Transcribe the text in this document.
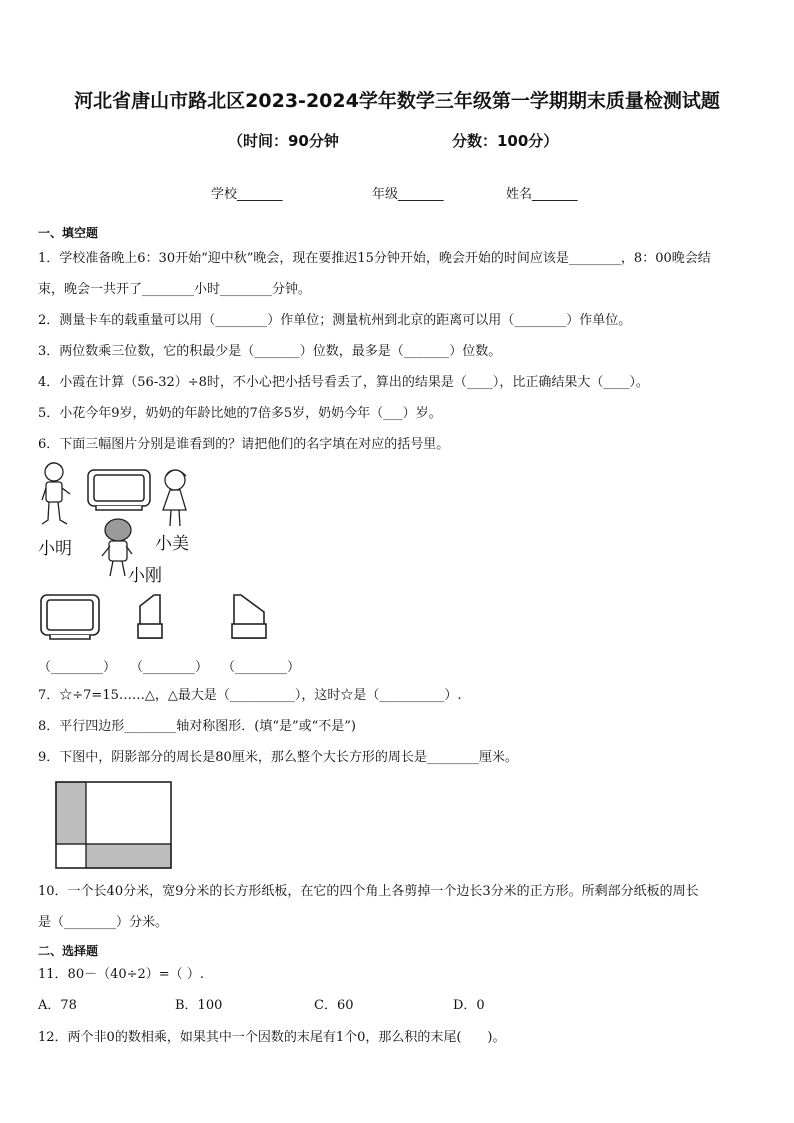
河北省唐山市路北区2023-2024学年数学三年级第一学期期末质量检测试题
（时间：90分钟	分数：100分）
学校_______	年级_______	姓名_______
一、填空题
1．学校准备晚上6：30开始“迎中秋”晚会，现在要推迟15分钟开始，晚会开始的时间应该是________，8：00晚会结
束，晚会一共开了________小时________分钟。
2．测量卡车的载重量可以用（________）作单位；测量杭州到北京的距离可以用（________）作单位。
3．两位数乘三位数，它的积最少是（_______）位数，最多是（_______）位数。
4．小霞在计算（56-32）÷8时，不小心把小括号看丢了，算出的结果是（____），比正确结果大（____）。
5．小花今年9岁，奶奶的年龄比她的7倍多5岁，奶奶今年（___）岁。
6．下面三幅图片分别是谁看到的？请把他们的名字填在对应的括号里。
小明	小美
小刚
（________） （________） （________）
7．☆÷7=15……△，△最大是（__________），这时☆是（__________）.
8．平行四边形________轴对称图形．(填“是”或“不是”)
9．下图中，阴影部分的周长是80厘米，那么整个大长方形的周长是________厘米。
10．一个长40分米，宽9分米的长方形纸板，在它的四个角上各剪掉一个边长3分米的正方形。所剩部分纸板的周长
是（________）分米。
二、选择题
11．80－（40÷2）=（ ）.
A．78	B．100	C．60	D．0
12．两个非0的数相乘，如果其中一个因数的末尾有1个0，那么积的末尾(　　)。
